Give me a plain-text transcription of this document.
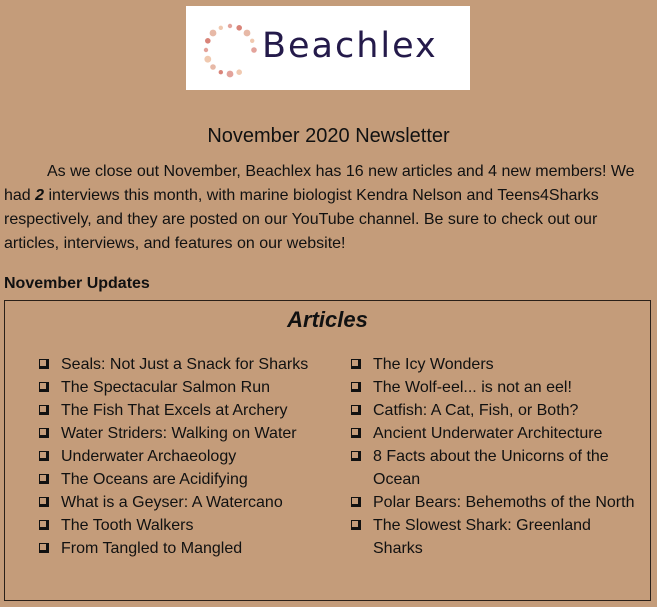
Beachlex
November 2020 Newsletter

As we close out November, Beachlex has 16 new articles and 4 new members! We had 2 interviews this month, with marine biologist Kendra Nelson and Teens4Sharks respectively, and they are posted on our YouTube channel. Be sure to check out our articles, interviews, and features on our website!

November Updates
Articles
Seals: Not Just a Snack for Sharks
The Spectacular Salmon Run
The Fish That Excels at Archery
Water Striders: Walking on Water
Underwater Archaeology
The Oceans are Acidifying
What is a Geyser: A Watercano
The Tooth Walkers
From Tangled to Mangled
The Icy Wonders
The Wolf-eel... is not an eel!
Catfish: A Cat, Fish, or Both?
Ancient Underwater Architecture
8 Facts about the Unicorns of the Ocean
Polar Bears: Behemoths of the North
The Slowest Shark: Greenland Sharks
